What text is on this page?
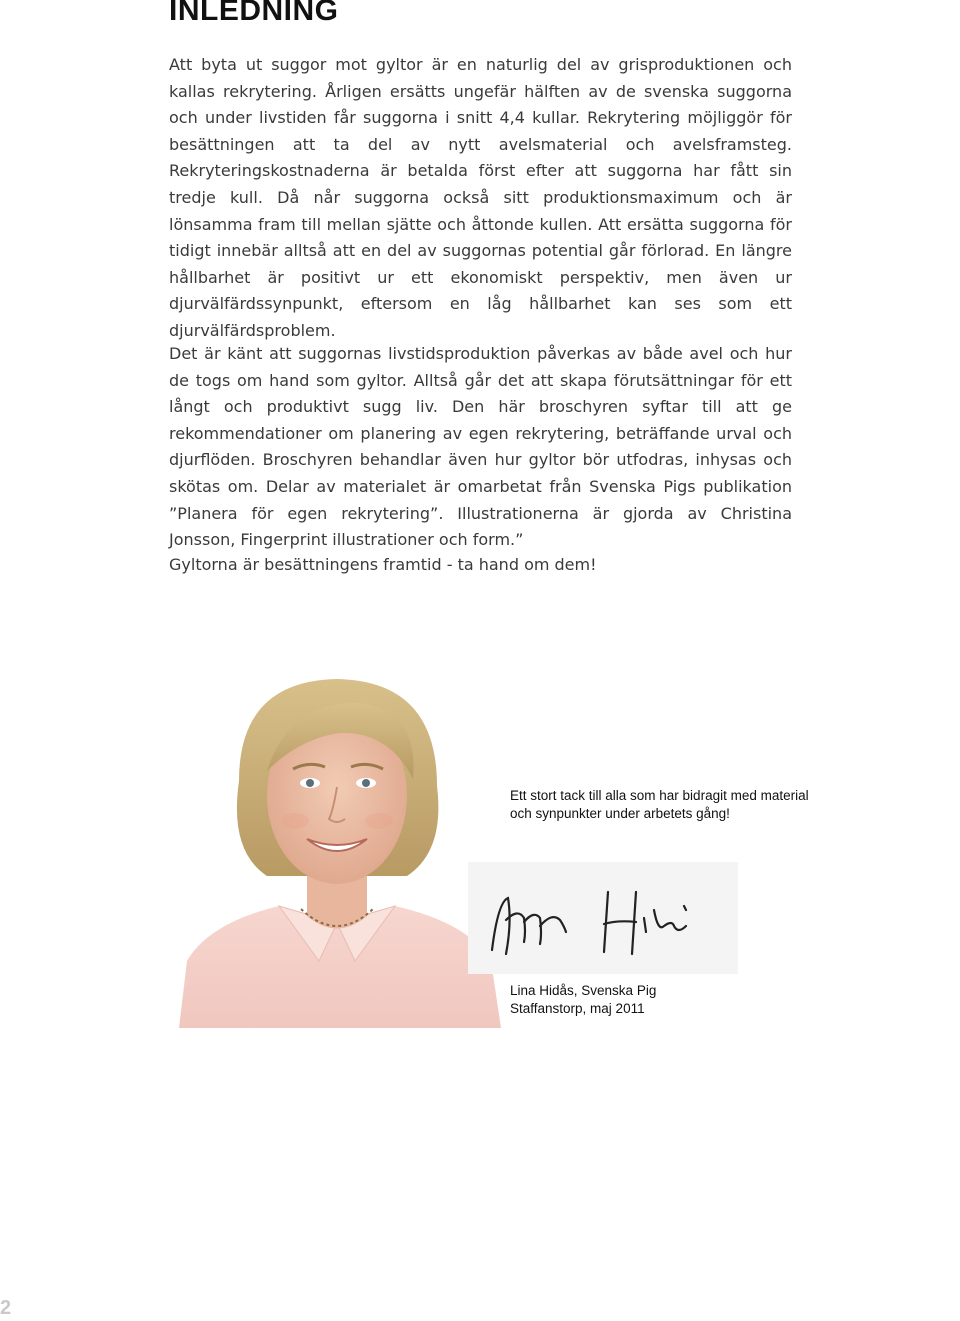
INLEDNING

Att byta ut suggor mot gyltor är en naturlig del av grisproduktionen och kallas rekrytering. Årligen ersätts ungefär hälften av de svenska suggorna och under livstiden får suggorna i snitt 4,4 kullar. Rekrytering möjliggör för besättningen att ta del av nytt avelsmaterial och avelsframsteg. Rekryteringskostnaderna är betalda först efter att suggorna har fått sin tredje kull. Då når suggorna också sitt produktionsmaximum och är lönsamma fram till mellan sjätte och åttonde kullen. Att ersätta suggorna för tidigt innebär alltså att en del av suggornas potential går förlorad. En längre hållbarhet är positivt ur ett ekonomiskt perspektiv, men även ur djurvälfärdssynpunkt, eftersom en låg hållbarhet kan ses som ett djurvälfärdsproblem.

Det är känt att suggornas livstidsproduktion påverkas av både avel och hur de togs om hand som gyltor. Alltså går det att skapa förutsättningar för ett långt och produktivt sugg liv. Den här broschyren syftar till att ge rekommendationer om planering av egen rekrytering, beträffande urval och djurflöden. Broschyren behandlar även hur gyltor bör utfodras, inhysas och skötas om. Delar av materialet är omarbetat från Svenska Pigs publikation ”Planera för egen rekrytering”. Illustrationerna är gjorda av Christina Jonsson, Fingerprint illustrationer och form.”

Gyltorna är besättningens framtid - ta hand om dem!

Ett stort tack till alla som har bidragit med material och synpunkter under arbetets gång!
Lina Hidås, Svenska Pig
Staffanstorp, maj 2011
2
